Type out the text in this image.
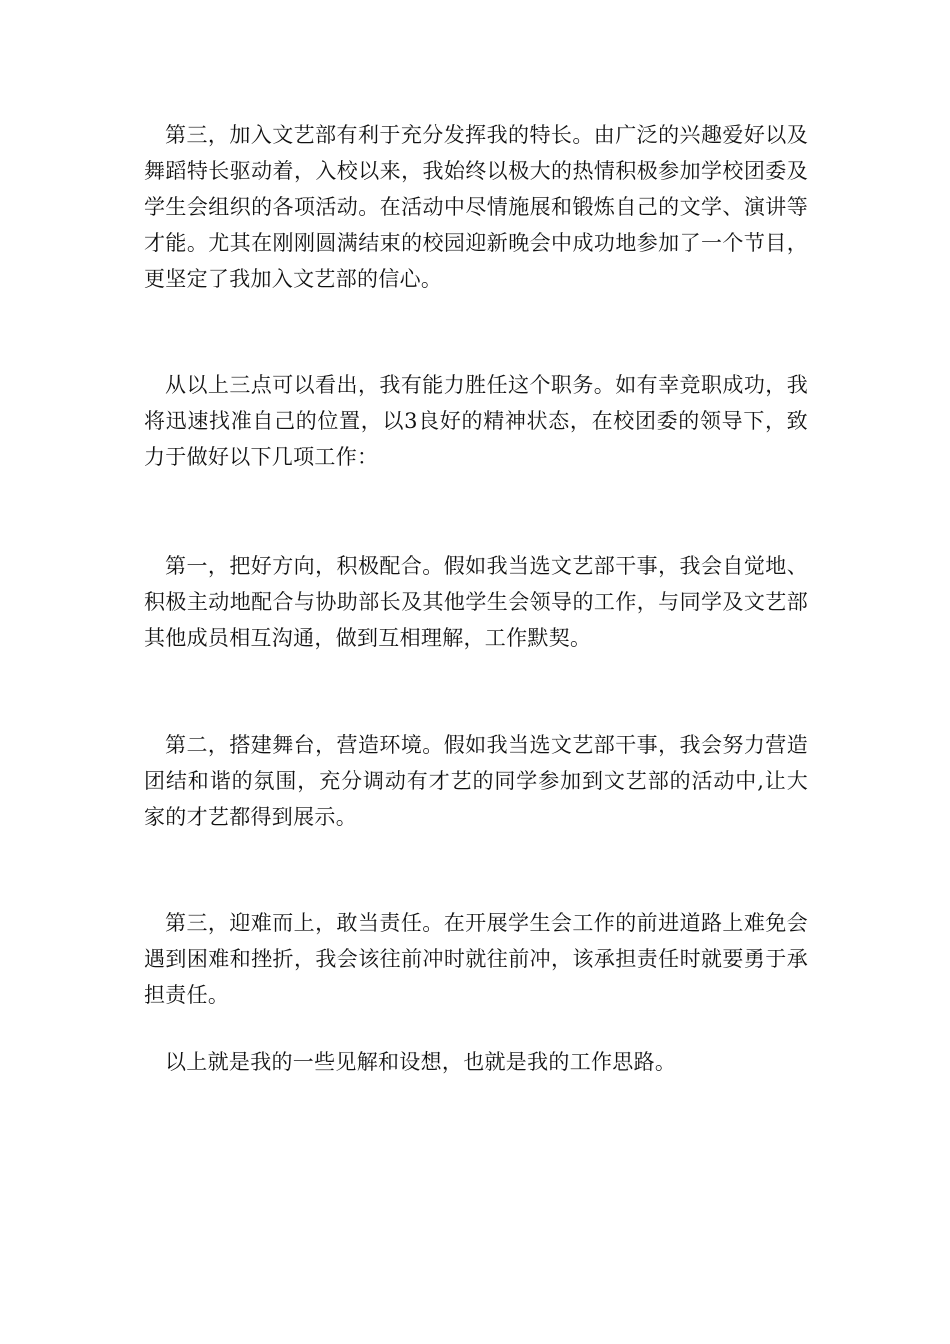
第三，加入文艺部有利于充分发挥我的特长。由广泛的兴趣爱好以及舞蹈特长驱动着，入校以来，我始终以极大的热情积极参加学校团委及学生会组织的各项活动。在活动中尽情施展和锻炼自己的文学、演讲等才能。尤其在刚刚圆满结束的校园迎新晚会中成功地参加了一个节目，更坚定了我加入文艺部的信心。

从以上三点可以看出，我有能力胜任这个职务。如有幸竞职成功，我将迅速找准自己的位置，以3良好的精神状态，在校团委的领导下，致力于做好以下几项工作：

第一，把好方向，积极配合。假如我当选文艺部干事，我会自觉地、积极主动地配合与协助部长及其他学生会领导的工作，与同学及文艺部其他成员相互沟通，做到互相理解，工作默契。

第二，搭建舞台，营造环境。假如我当选文艺部干事，我会努力营造团结和谐的氛围，充分调动有才艺的同学参加到文艺部的活动中,让大家的才艺都得到展示。

第三，迎难而上，敢当责任。在开展学生会工作的前进道路上难免会遇到困难和挫折，我会该往前冲时就往前冲，该承担责任时就要勇于承担责任。

以上就是我的一些见解和设想，也就是我的工作思路。
